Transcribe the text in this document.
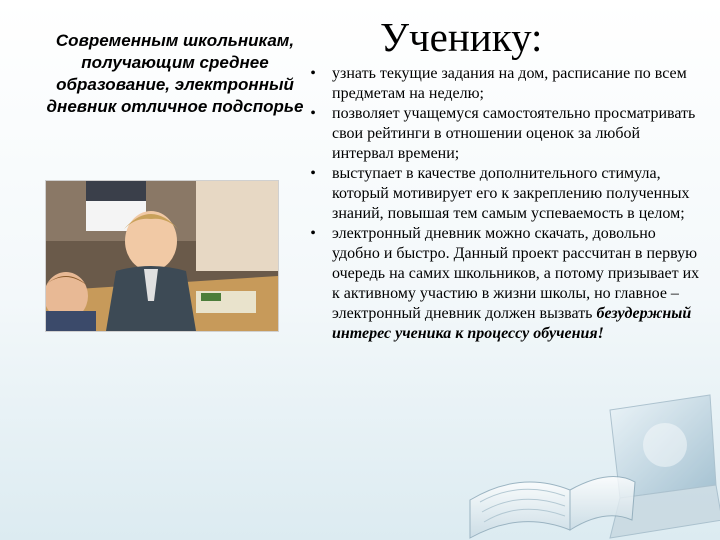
Современным школьникам, получающим среднее образование, электронный дневник отличное подспорье
Ученику:
• узнать текущие задания на дом, расписание по всем предметам на неделю;
• позволяет учащемуся самостоятельно просматривать свои рейтинги в отношении оценок за любой интервал времени;
• выступает в качестве дополнительного стимула, который мотивирует его к закреплению полученных знаний, повышая тем самым успеваемость в целом;
• электронный дневник можно скачать, довольно удобно и быстро. Данный проект рассчитан в первую очередь на самих школьников, а потому призывает их к активному участию в жизни школы, но главное – электронный дневник должен вызвать безудержный интерес ученика к процессу обучения!
